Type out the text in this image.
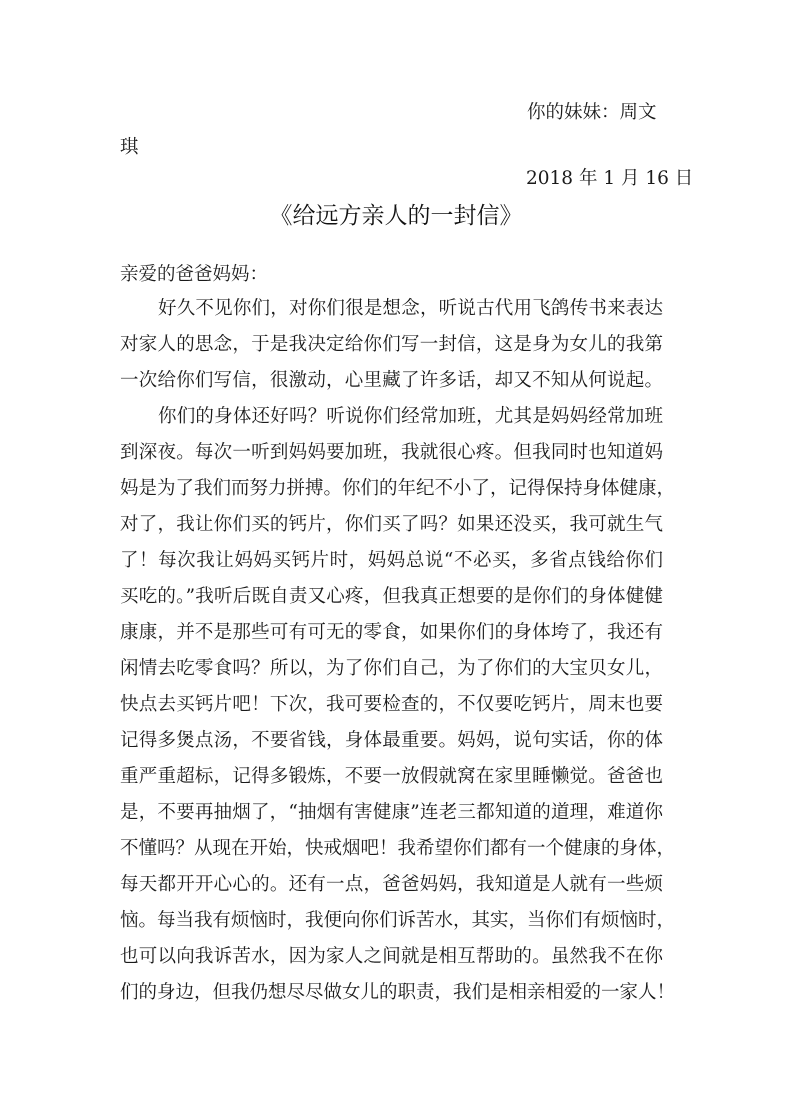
你的妹妹：周文
琪
2018 年 1 月 16 日
《给远方亲人的一封信》
亲爱的爸爸妈妈：
好久不见你们，对你们很是想念，听说古代用飞鸽传书来表达
对家人的思念，于是我决定给你们写一封信，这是身为女儿的我第
一次给你们写信，很激动，心里藏了许多话，却又不知从何说起。
你们的身体还好吗？听说你们经常加班，尤其是妈妈经常加班
到深夜。每次一听到妈妈要加班，我就很心疼。但我同时也知道妈
妈是为了我们而努力拼搏。你们的年纪不小了，记得保持身体健康，
对了，我让你们买的钙片，你们买了吗？如果还没买，我可就生气
了！每次我让妈妈买钙片时，妈妈总说“不必买，多省点钱给你们
买吃的。”我听后既自责又心疼，但我真正想要的是你们的身体健健
康康，并不是那些可有可无的零食，如果你们的身体垮了，我还有
闲情去吃零食吗？所以，为了你们自己，为了你们的大宝贝女儿，
快点去买钙片吧！下次，我可要检查的，不仅要吃钙片，周末也要
记得多煲点汤，不要省钱，身体最重要。妈妈，说句实话，你的体
重严重超标，记得多锻炼，不要一放假就窝在家里睡懒觉。爸爸也
是，不要再抽烟了，“抽烟有害健康”连老三都知道的道理，难道你
不懂吗？从现在开始，快戒烟吧！我希望你们都有一个健康的身体，
每天都开开心心的。还有一点，爸爸妈妈，我知道是人就有一些烦
恼。每当我有烦恼时，我便向你们诉苦水，其实，当你们有烦恼时，
也可以向我诉苦水，因为家人之间就是相互帮助的。虽然我不在你
们的身边，但我仍想尽尽做女儿的职责，我们是相亲相爱的一家人！
